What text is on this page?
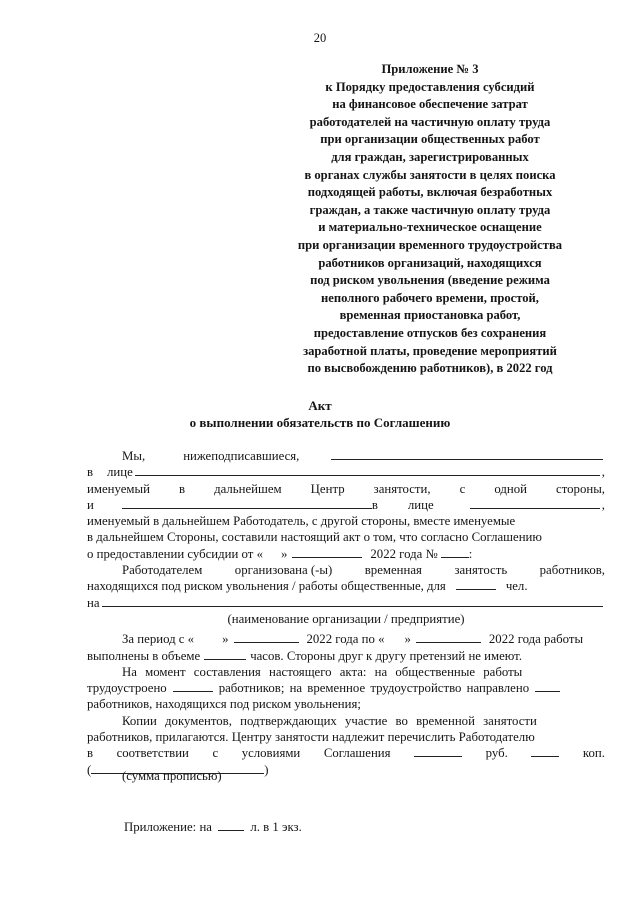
20
Приложение № 3
к Порядку предоставления субсидий
на финансовое обеспечение затрат
работодателей на частичную оплату труда
при организации общественных работ
для граждан, зарегистрированных
в органах службы занятости в целях поиска
подходящей работы, включая безработных
граждан, а также частичную оплату труда
и материально-техническое оснащение
при организации временного трудоустройства
работников организаций, находящихся
под риском увольнения (введение режима
неполного рабочего времени, простой,
временная приостановка работ,
предоставление отпусков без сохранения
заработной платы, проведение мероприятий
по высвобождению работников), в 2022 год
Акт
о выполнении обязательств по Соглашению
Мы,	нижеподписавшиеся,
в лице	,
именуемый в дальнейшем Центр занятости, с одной стороны,
и	в лице	,
именуемый в дальнейшем Работодатель, с другой стороны, вместе именуемые
в дальнейшем Стороны, составили настоящий акт о том, что согласно Соглашению
о предоставлении субсидии от « »	2022 года № :
Работодателем	организована (-ы)	временная	занятость	работников,
находящихся под риском увольнения / работы общественные, для	чел.
на
(наименование организации / предприятие)
За период с « »	2022 года по « »	2022 года работы
выполнены в объеме	часов. Стороны друг к другу претензий не имеют.
На момент составления настоящего акта: на общественные работы
трудоустроено	работников; на временное трудоустройство направлено
работников, находящихся под риском увольнения;
Копии документов, подтверждающих участие во временной занятости
работников, прилагаются. Центру занятости надлежит перечислить Работодателю
в соответствии с условиями Соглашения	руб.	коп.
(	)
(сумма прописью)
Приложение: на	л. в 1 экз.
